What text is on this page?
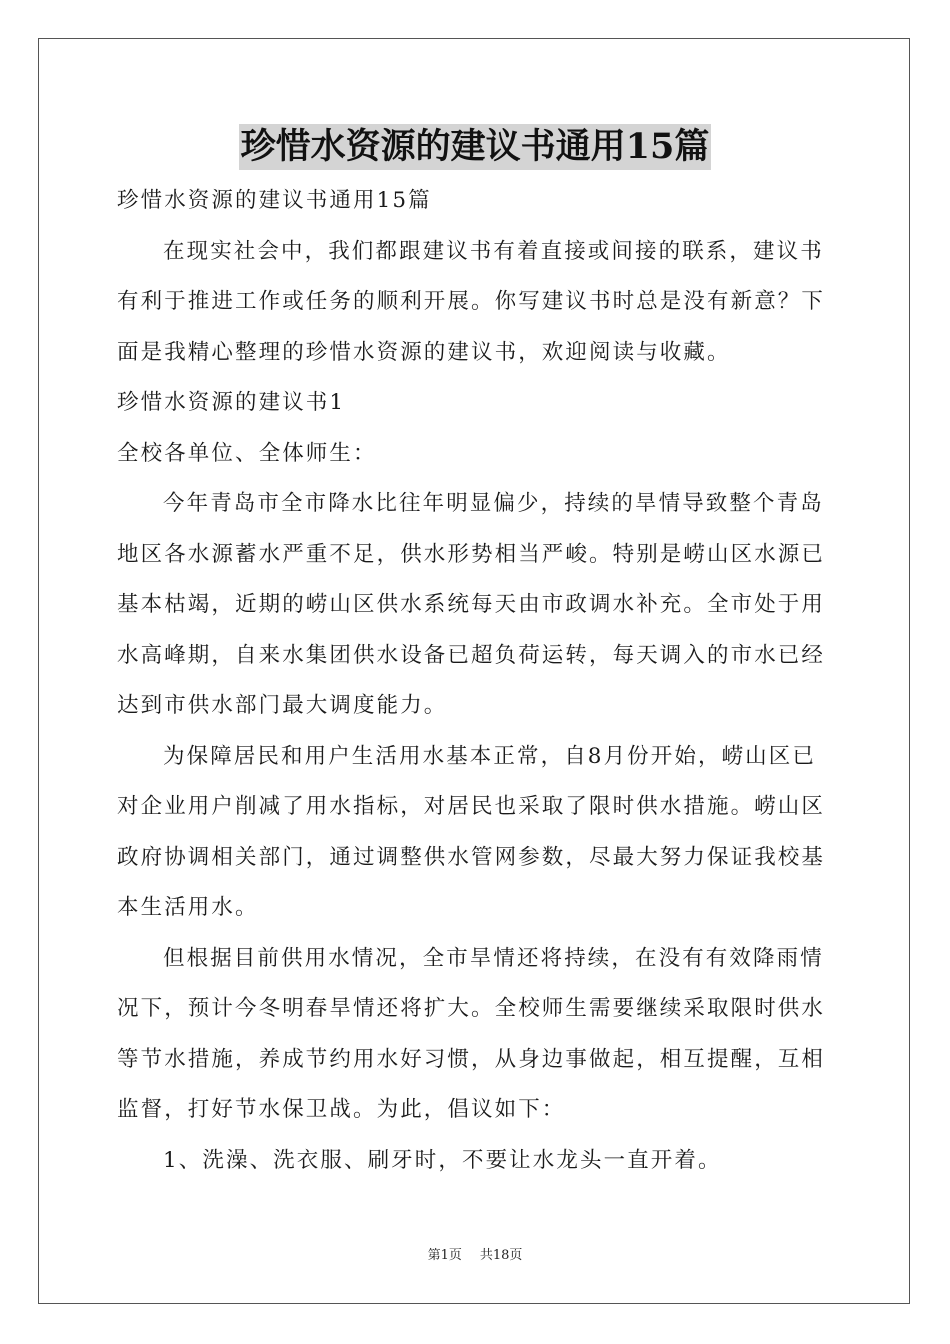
珍惜水资源的建议书通用15篇
珍惜水资源的建议书通用15篇
在现实社会中，我们都跟建议书有着直接或间接的联系，建议书
有利于推进工作或任务的顺利开展。你写建议书时总是没有新意？下
面是我精心整理的珍惜水资源的建议书，欢迎阅读与收藏。
珍惜水资源的建议书1
全校各单位、全体师生：
今年青岛市全市降水比往年明显偏少，持续的旱情导致整个青岛
地区各水源蓄水严重不足，供水形势相当严峻。特别是崂山区水源已
基本枯竭，近期的崂山区供水系统每天由市政调水补充。全市处于用
水高峰期，自来水集团供水设备已超负荷运转，每天调入的市水已经
达到市供水部门最大调度能力。
为保障居民和用户生活用水基本正常，自8月份开始，崂山区已
对企业用户削减了用水指标，对居民也采取了限时供水措施。崂山区
政府协调相关部门，通过调整供水管网参数，尽最大努力保证我校基
本生活用水。
但根据目前供用水情况，全市旱情还将持续，在没有有效降雨情
况下，预计今冬明春旱情还将扩大。全校师生需要继续采取限时供水
等节水措施，养成节约用水好习惯，从身边事做起，相互提醒，互相
监督，打好节水保卫战。为此，倡议如下：
1、洗澡、洗衣服、刷牙时，不要让水龙头一直开着。
第1页 共18页
